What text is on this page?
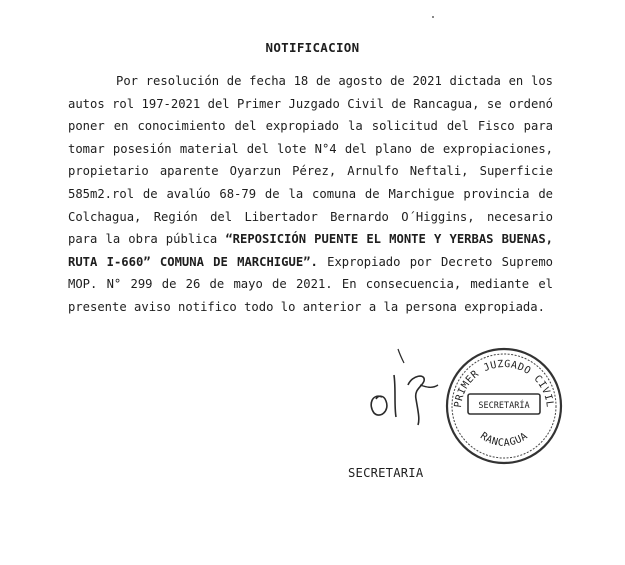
NOTIFICACION

Por resolución de fecha 18 de agosto de 2021 dictada en los autos rol 197-2021 del Primer Juzgado Civil de Rancagua, se ordenó poner en conocimiento del expropiado la solicitud del Fisco para tomar posesión material del lote N°4 del plano de expropiaciones, propietario aparente Oyarzun Pérez, Arnulfo Neftali, Superficie 585m2.rol de avalúo 68-79 de la comuna de Marchigue provincia de Colchagua, Región del Libertador Bernardo O´Higgins, necesario para la obra pública “REPOSICIÓN PUENTE EL MONTE Y YERBAS BUENAS, RUTA I-660” COMUNA DE MARCHIGUE”. Expropiado por Decreto Supremo MOP. N° 299 de 26 de mayo de 2021. En consecuencia, mediante el presente aviso notifico todo lo anterior a la persona expropiada.

PRIMER JUZGADO CIVIL
SECRETARÍA
RANCAGUA
SECRETARIA
